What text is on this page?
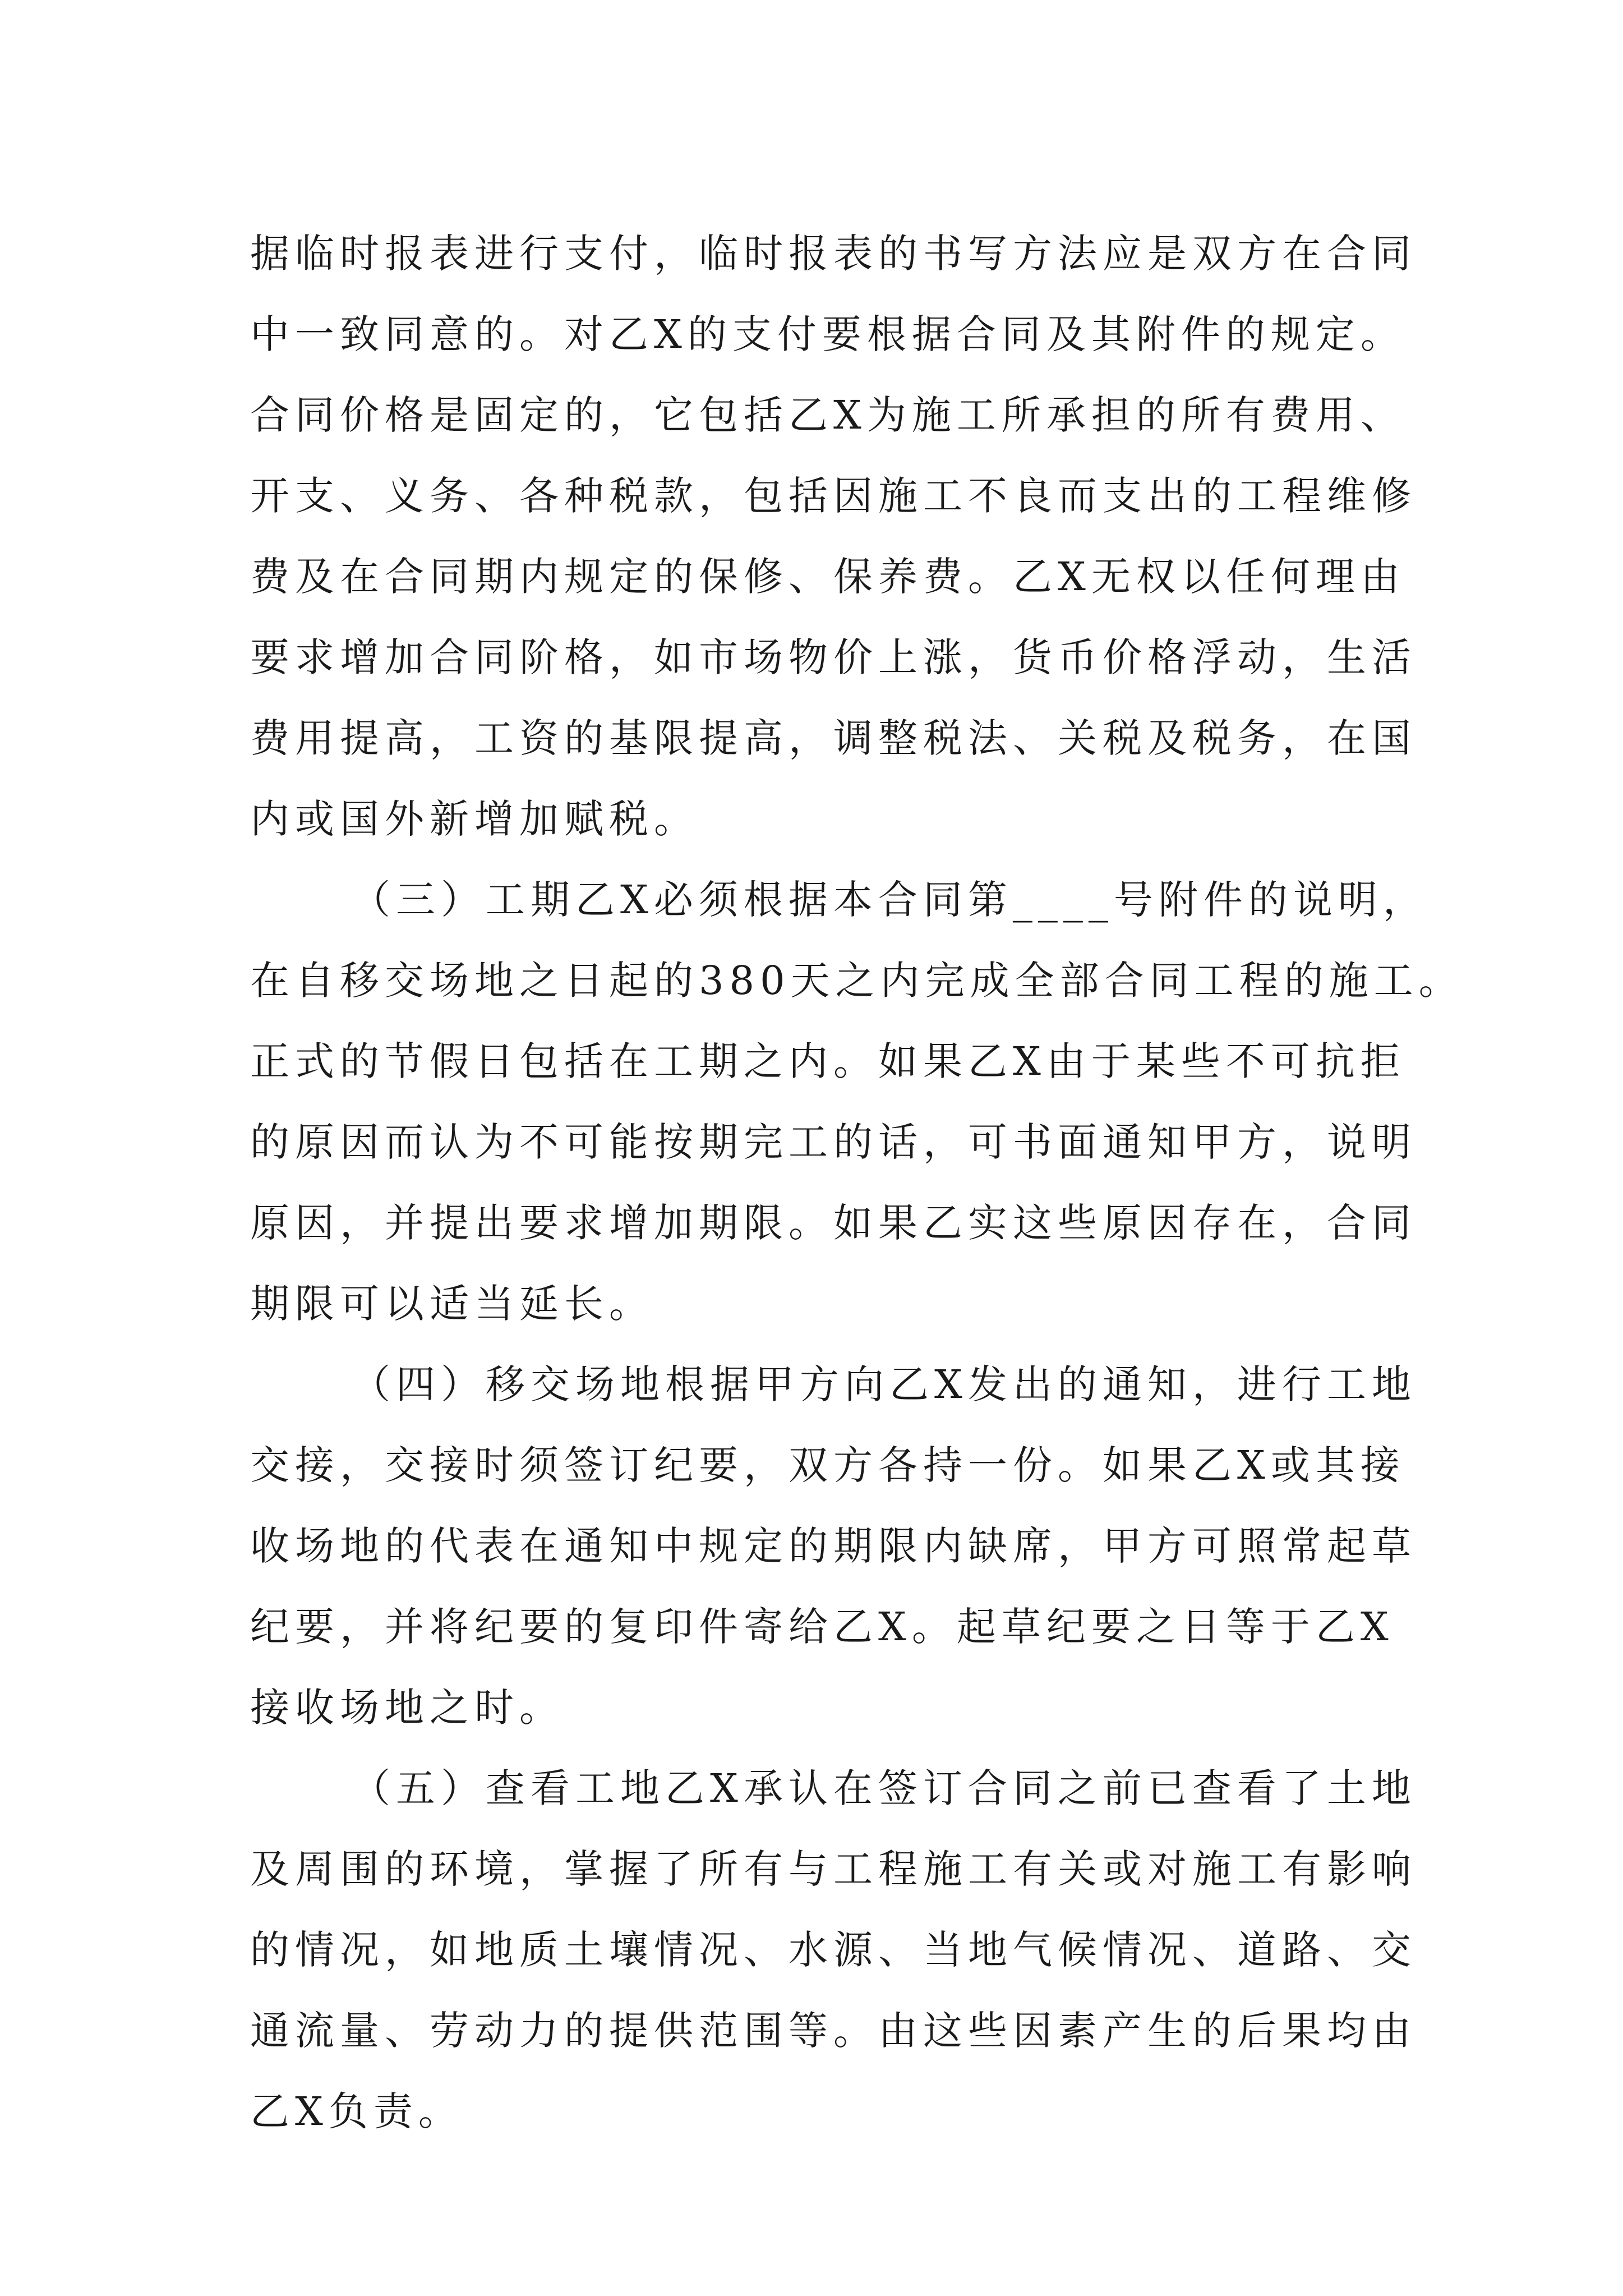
据临时报表进行支付，临时报表的书写方法应是双方在合同
中一致同意的。对乙X的支付要根据合同及其附件的规定。
合同价格是固定的，它包括乙X为施工所承担的所有费用、
开支、义务、各种税款，包括因施工不良而支出的工程维修
费及在合同期内规定的保修、保养费。乙X无权以任何理由
要求增加合同阶格，如市场物价上涨，货币价格浮动，生活
费用提高，工资的基限提高，调整税法、关税及税务，在国
内或国外新增加赋税。
（三）工期乙X必须根据本合同第____号附件的说明，
在自移交场地之日起的380天之内完成全部合同工程的施工。
正式的节假日包括在工期之内。如果乙X由于某些不可抗拒
的原因而认为不可能按期完工的话，可书面通知甲方，说明
原因，并提出要求增加期限。如果乙实这些原因存在，合同
期限可以适当延长。
（四）移交场地根据甲方向乙X发出的通知，进行工地
交接，交接时须签订纪要，双方各持一份。如果乙X或其接
收场地的代表在通知中规定的期限内缺席，甲方可照常起草
纪要，并将纪要的复印件寄给乙X。起草纪要之日等于乙X
接收场地之时。
（五）查看工地乙X承认在签订合同之前已查看了土地
及周围的环境，掌握了所有与工程施工有关或对施工有影响
的情况，如地质土壤情况、水源、当地气候情况、道路、交
通流量、劳动力的提供范围等。由这些因素产生的后果均由
乙X负责。
